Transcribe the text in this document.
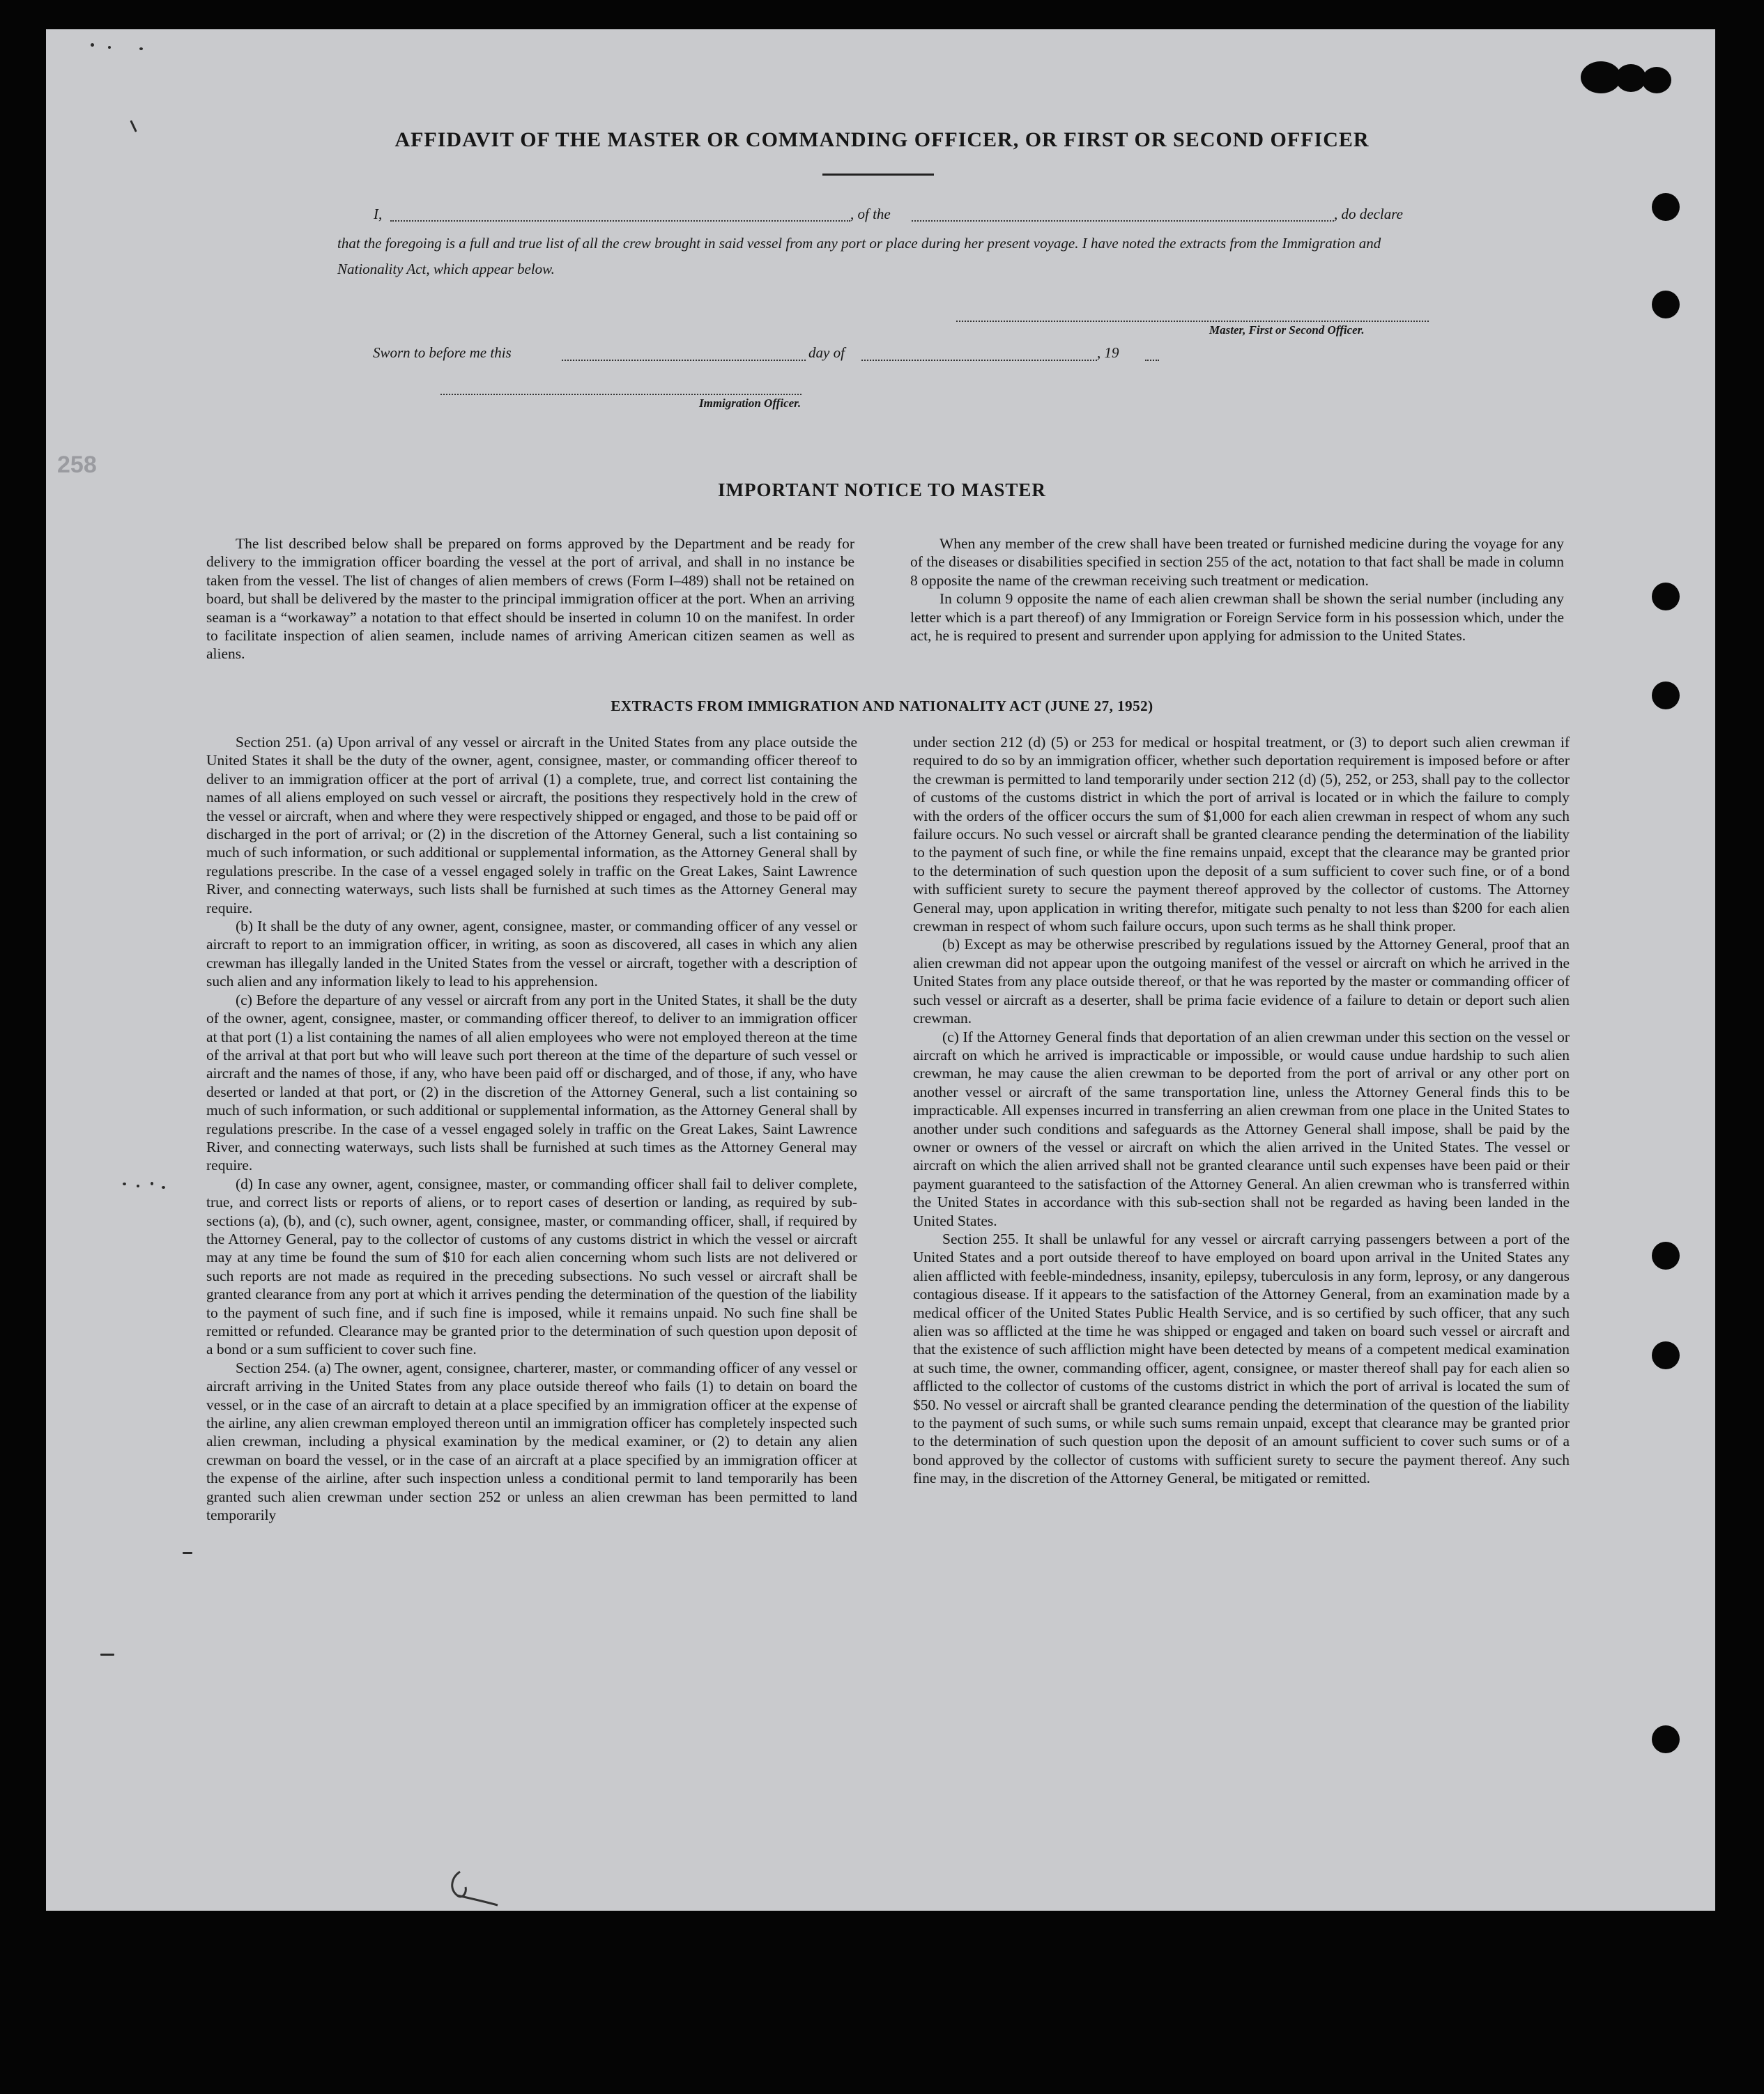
258
AFFIDAVIT OF THE MASTER OR COMMANDING OFFICER, OR FIRST OR SECOND OFFICER
I,	, of the	, do declare
that the foregoing is a full and true list of all the crew brought in said vessel from any port or place during her present voyage. I have noted the extracts from the Immigration and Nationality Act, which appear below.
Master, First or Second Officer.
Sworn to before me this	day of	, 19
Immigration Officer.
IMPORTANT NOTICE TO MASTER

The list described below shall be prepared on forms approved by the Department and be ready for delivery to the immigration officer boarding the vessel at the port of arrival, and shall in no instance be taken from the vessel. The list of changes of alien members of crews (Form I–489) shall not be retained on board, but shall be delivered by the master to the principal immigration officer at the port. When an arriving seaman is a “workaway” a notation to that effect should be inserted in column 10 on the manifest. In order to facilitate inspection of alien seamen, include names of arriving American citizen seamen as well as aliens.

When any member of the crew shall have been treated or furnished medicine during the voyage for any of the diseases or disabilities specified in section 255 of the act, notation to that fact shall be made in column 8 opposite the name of the crewman receiving such treatment or medication.

In column 9 opposite the name of each alien crewman shall be shown the serial number (including any letter which is a part thereof) of any Immigration or Foreign Service form in his possession which, under the act, he is required to present and surrender upon applying for admission to the United States.

EXTRACTS FROM IMMIGRATION AND NATIONALITY ACT (JUNE 27, 1952)

Section 251. (a) Upon arrival of any vessel or aircraft in the United States from any place outside the United States it shall be the duty of the owner, agent, consignee, master, or commanding officer thereof to deliver to an immigration officer at the port of arrival (1) a complete, true, and correct list containing the names of all aliens employed on such vessel or aircraft, the positions they respectively hold in the crew of the vessel or aircraft, when and where they were respectively shipped or engaged, and those to be paid off or discharged in the port of arrival; or (2) in the discretion of the Attorney General, such a list containing so much of such information, or such additional or supplemental information, as the Attorney General shall by regulations prescribe. In the case of a vessel engaged solely in traffic on the Great Lakes, Saint Lawrence River, and connecting waterways, such lists shall be furnished at such times as the Attorney General may require.

(b) It shall be the duty of any owner, agent, consignee, master, or commanding officer of any vessel or aircraft to report to an immigration officer, in writing, as soon as discovered, all cases in which any alien crewman has illegally landed in the United States from the vessel or aircraft, together with a description of such alien and any information likely to lead to his apprehension.

(c) Before the departure of any vessel or aircraft from any port in the United States, it shall be the duty of the owner, agent, consignee, master, or commanding officer thereof, to deliver to an immigration officer at that port (1) a list containing the names of all alien employees who were not employed thereon at the time of the arrival at that port but who will leave such port thereon at the time of the departure of such vessel or aircraft and the names of those, if any, who have been paid off or discharged, and of those, if any, who have deserted or landed at that port, or (2) in the discretion of the Attorney General, such a list containing so much of such information, or such additional or supplemental information, as the Attorney General shall by regulations prescribe. In the case of a vessel engaged solely in traffic on the Great Lakes, Saint Lawrence River, and connecting waterways, such lists shall be furnished at such times as the Attorney General may require.

(d) In case any owner, agent, consignee, master, or commanding officer shall fail to deliver complete, true, and correct lists or reports of aliens, or to report cases of desertion or landing, as required by sub-sections (a), (b), and (c), such owner, agent, consignee, master, or commanding officer, shall, if required by the Attorney General, pay to the collector of customs of any customs district in which the vessel or aircraft may at any time be found the sum of $10 for each alien concerning whom such lists are not delivered or such reports are not made as required in the preceding subsections. No such vessel or aircraft shall be granted clearance from any port at which it arrives pending the determination of the question of the liability to the payment of such fine, and if such fine is imposed, while it remains unpaid. No such fine shall be remitted or refunded. Clearance may be granted prior to the determination of such question upon deposit of a bond or a sum sufficient to cover such fine.

Section 254. (a) The owner, agent, consignee, charterer, master, or commanding officer of any vessel or aircraft arriving in the United States from any place outside thereof who fails (1) to detain on board the vessel, or in the case of an aircraft to detain at a place specified by an immigration officer at the expense of the airline, any alien crewman employed thereon until an immigration officer has completely inspected such alien crewman, including a physical examination by the medical examiner, or (2) to detain any alien crewman on board the vessel, or in the case of an aircraft at a place specified by an immigration officer at the expense of the airline, after such inspection unless a conditional permit to land temporarily has been granted such alien crewman under section 252 or unless an alien crewman has been permitted to land temporarily

under section 212 (d) (5) or 253 for medical or hospital treatment, or (3) to deport such alien crewman if required to do so by an immigration officer, whether such deportation requirement is imposed before or after the crewman is permitted to land temporarily under section 212 (d) (5), 252, or 253, shall pay to the collector of customs of the customs district in which the port of arrival is located or in which the failure to comply with the orders of the officer occurs the sum of $1,000 for each alien crewman in respect of whom any such failure occurs. No such vessel or aircraft shall be granted clearance pending the determination of the liability to the payment of such fine, or while the fine remains unpaid, except that the clearance may be granted prior to the determination of such question upon the deposit of a sum sufficient to cover such fine, or of a bond with sufficient surety to secure the payment thereof approved by the collector of customs. The Attorney General may, upon application in writing therefor, mitigate such penalty to not less than $200 for each alien crewman in respect of whom such failure occurs, upon such terms as he shall think proper.

(b) Except as may be otherwise prescribed by regulations issued by the Attorney General, proof that an alien crewman did not appear upon the outgoing manifest of the vessel or aircraft on which he arrived in the United States from any place outside thereof, or that he was reported by the master or commanding officer of such vessel or aircraft as a deserter, shall be prima facie evidence of a failure to detain or deport such alien crewman.

(c) If the Attorney General finds that deportation of an alien crewman under this section on the vessel or aircraft on which he arrived is impracticable or impossible, or would cause undue hardship to such alien crewman, he may cause the alien crewman to be deported from the port of arrival or any other port on another vessel or aircraft of the same transportation line, unless the Attorney General finds this to be impracticable. All expenses incurred in transferring an alien crewman from one place in the United States to another under such conditions and safeguards as the Attorney General shall impose, shall be paid by the owner or owners of the vessel or aircraft on which the alien arrived in the United States. The vessel or aircraft on which the alien arrived shall not be granted clearance until such expenses have been paid or their payment guaranteed to the satisfaction of the Attorney General. An alien crewman who is transferred within the United States in accordance with this sub-section shall not be regarded as having been landed in the United States.

Section 255. It shall be unlawful for any vessel or aircraft carrying passengers between a port of the United States and a port outside thereof to have employed on board upon arrival in the United States any alien afflicted with feeble-mindedness, insanity, epilepsy, tuberculosis in any form, leprosy, or any dangerous contagious disease. If it appears to the satisfaction of the Attorney General, from an examination made by a medical officer of the United States Public Health Service, and is so certified by such officer, that any such alien was so afflicted at the time he was shipped or engaged and taken on board such vessel or aircraft and that the existence of such affliction might have been detected by means of a competent medical examination at such time, the owner, commanding officer, agent, consignee, or master thereof shall pay for each alien so afflicted to the collector of customs of the customs district in which the port of arrival is located the sum of $50. No vessel or aircraft shall be granted clearance pending the determination of the question of the liability to the payment of such sums, or while such sums remain unpaid, except that clearance may be granted prior to the determination of such question upon the deposit of an amount sufficient to cover such sums or of a bond approved by the collector of customs with sufficient surety to secure the payment thereof. Any such fine may, in the discretion of the Attorney General, be mitigated or remitted.
